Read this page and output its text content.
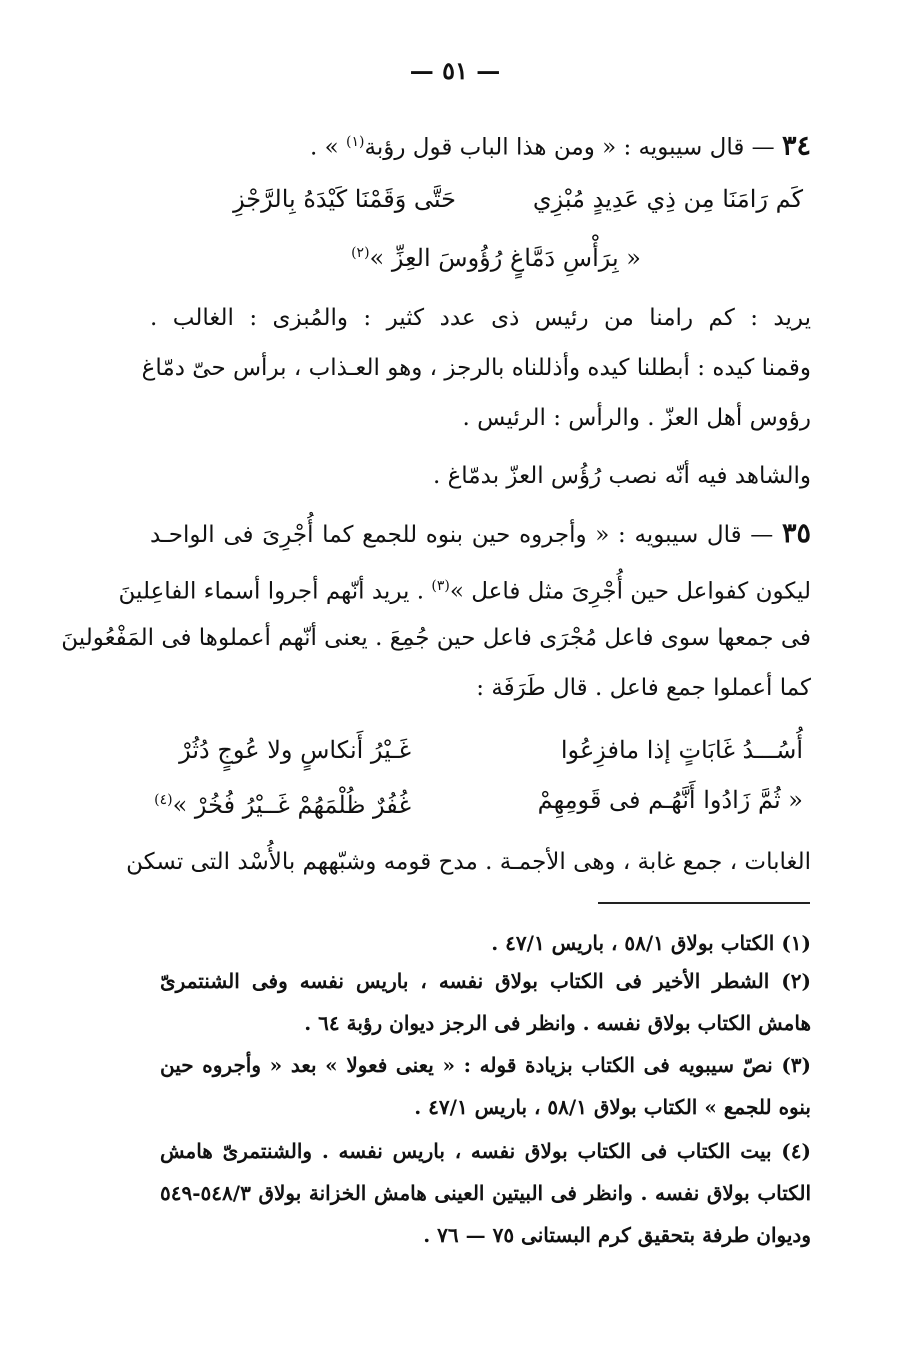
— ٥١ —
٣٤ — قال سيبويه : « ومن هذا الباب قول رؤبة$^{(١)}$ » .
كَم رَامَنَا مِن ذِي عَدِيدٍ مُبْزِي
حَتَّى وَقَمْنَا كَيْدَهُ بِالرَّجْزِ
« بِرَأْسِ دَمَّاغٍ رُؤُوسَ العِزِّ »$^{(٢)}$
يريد : كم رامنا من رئيس ذى عدد كثير : والمُبزى : الغالب .
وقمنا كيده : أبطلنا كيده وأذللناه بالرجز ، وهو العـذاب ، برأس حىّ دمّاغ
رؤوس أهل العزّ . والرأس : الرئيس .
والشاهد فيه أنّه نصب رُؤُس العزّ بدمّاغ .
٣٥ — قال سيبويه : « وأجروه حين بنوه للجمع كما أُجْرِىَ فى الواحـد
ليكون كفواعل حين أُجْرِىَ مثل فاعل »$^{(٣)}$ . يريد أنّهم أجروا أسماء الفاعِلينَ
فى جمعها سوى فاعل مُجْرَى فاعل حين جُمِعَ . يعنى أنّهم أعملوها فى المَفْعُولينَ
كما أعملوا جمع فاعل . قال طَرَفَة :
أُسُـــدُ غَابَاتٍ إذا مافزِعُوا
غَـيْرُ أَنكاسٍ ولا عُوجٍ دُثُرْ
« ثُمَّ زَادُوا أَنَّهُـم فى قَومِهِمْ
غُفُرٌ ظُلْمَهُمْ غَــيْرُ فُخُرْ »$^{(٤)}$
الغابات ، جمع غابة ، وهى الأجمـة . مدح قومه وشبّههم بالأُسْد التى تسكن
(١) الكتاب بولاق ٥٨/١ ، باريس ٤٧/١ .
(٢) الشطر الأخير فى الكتاب بولاق نفسه ، باريس نفسه وفى الشنتمرىّ
هامش الكتاب بولاق نفسه . وانظر فى الرجز ديوان رؤبة ٦٤ .
(٣) نصّ سيبويه فى الكتاب بزيادة قوله : « يعنى فعولا » بعد « وأجروه حين
بنوه للجمع » الكتاب بولاق ٥٨/١ ، باريس ٤٧/١ .
(٤) بيت الكتاب فى الكتاب بولاق نفسه ، باريس نفسه . والشنتمرىّ هامش
الكتاب بولاق نفسه . وانظر فى البيتين العينى هامش الخزانة بولاق ٥٤٨/٣-٥٤٩
وديوان طرفة بتحقيق كرم البستانى ٧٥ — ٧٦ .
